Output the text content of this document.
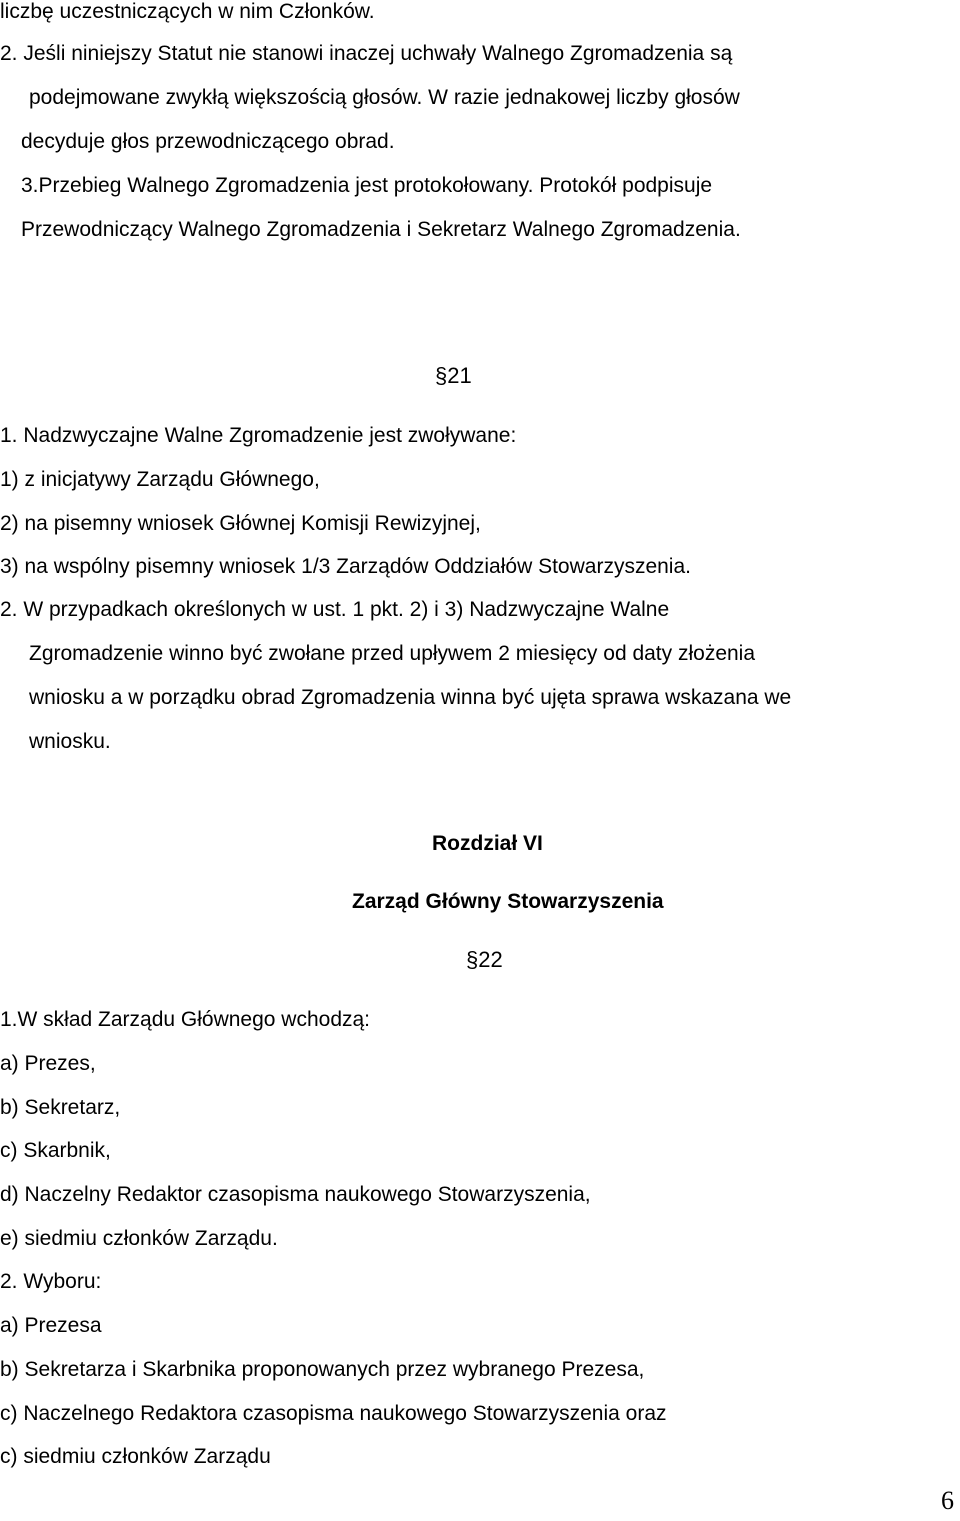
liczbę uczestniczących w nim Członków.

2. Jeśli niniejszy Statut nie stanowi inaczej uchwały Walnego Zgromadzenia są

podejmowane zwykłą większością głosów. W razie jednakowej liczby głosów

decyduje głos przewodniczącego obrad.

3.Przebieg Walnego Zgromadzenia jest protokołowany. Protokół podpisuje

Przewodniczący Walnego Zgromadzenia i Sekretarz Walnego Zgromadzenia.

§21

1. Nadzwyczajne Walne Zgromadzenie jest zwoływane:

1) z inicjatywy Zarządu Głównego,

2) na pisemny wniosek Głównej Komisji Rewizyjnej,

3) na wspólny pisemny wniosek 1/3 Zarządów Oddziałów Stowarzyszenia.

2. W przypadkach określonych w ust. 1 pkt. 2) i 3) Nadzwyczajne Walne

Zgromadzenie winno być zwołane przed upływem 2 miesięcy od daty złożenia

wniosku a w porządku obrad Zgromadzenia winna być ujęta sprawa wskazana we

wniosku.

Rozdział VI

Zarząd Główny Stowarzyszenia

§22

1.W skład Zarządu Głównego wchodzą:

a) Prezes,

b) Sekretarz,

c) Skarbnik,

d) Naczelny Redaktor czasopisma naukowego Stowarzyszenia,

e) siedmiu członków Zarządu.

2. Wyboru:

a) Prezesa

b) Sekretarza i Skarbnika proponowanych przez wybranego Prezesa,

c) Naczelnego Redaktora czasopisma naukowego Stowarzyszenia oraz

c) siedmiu członków Zarządu

6
